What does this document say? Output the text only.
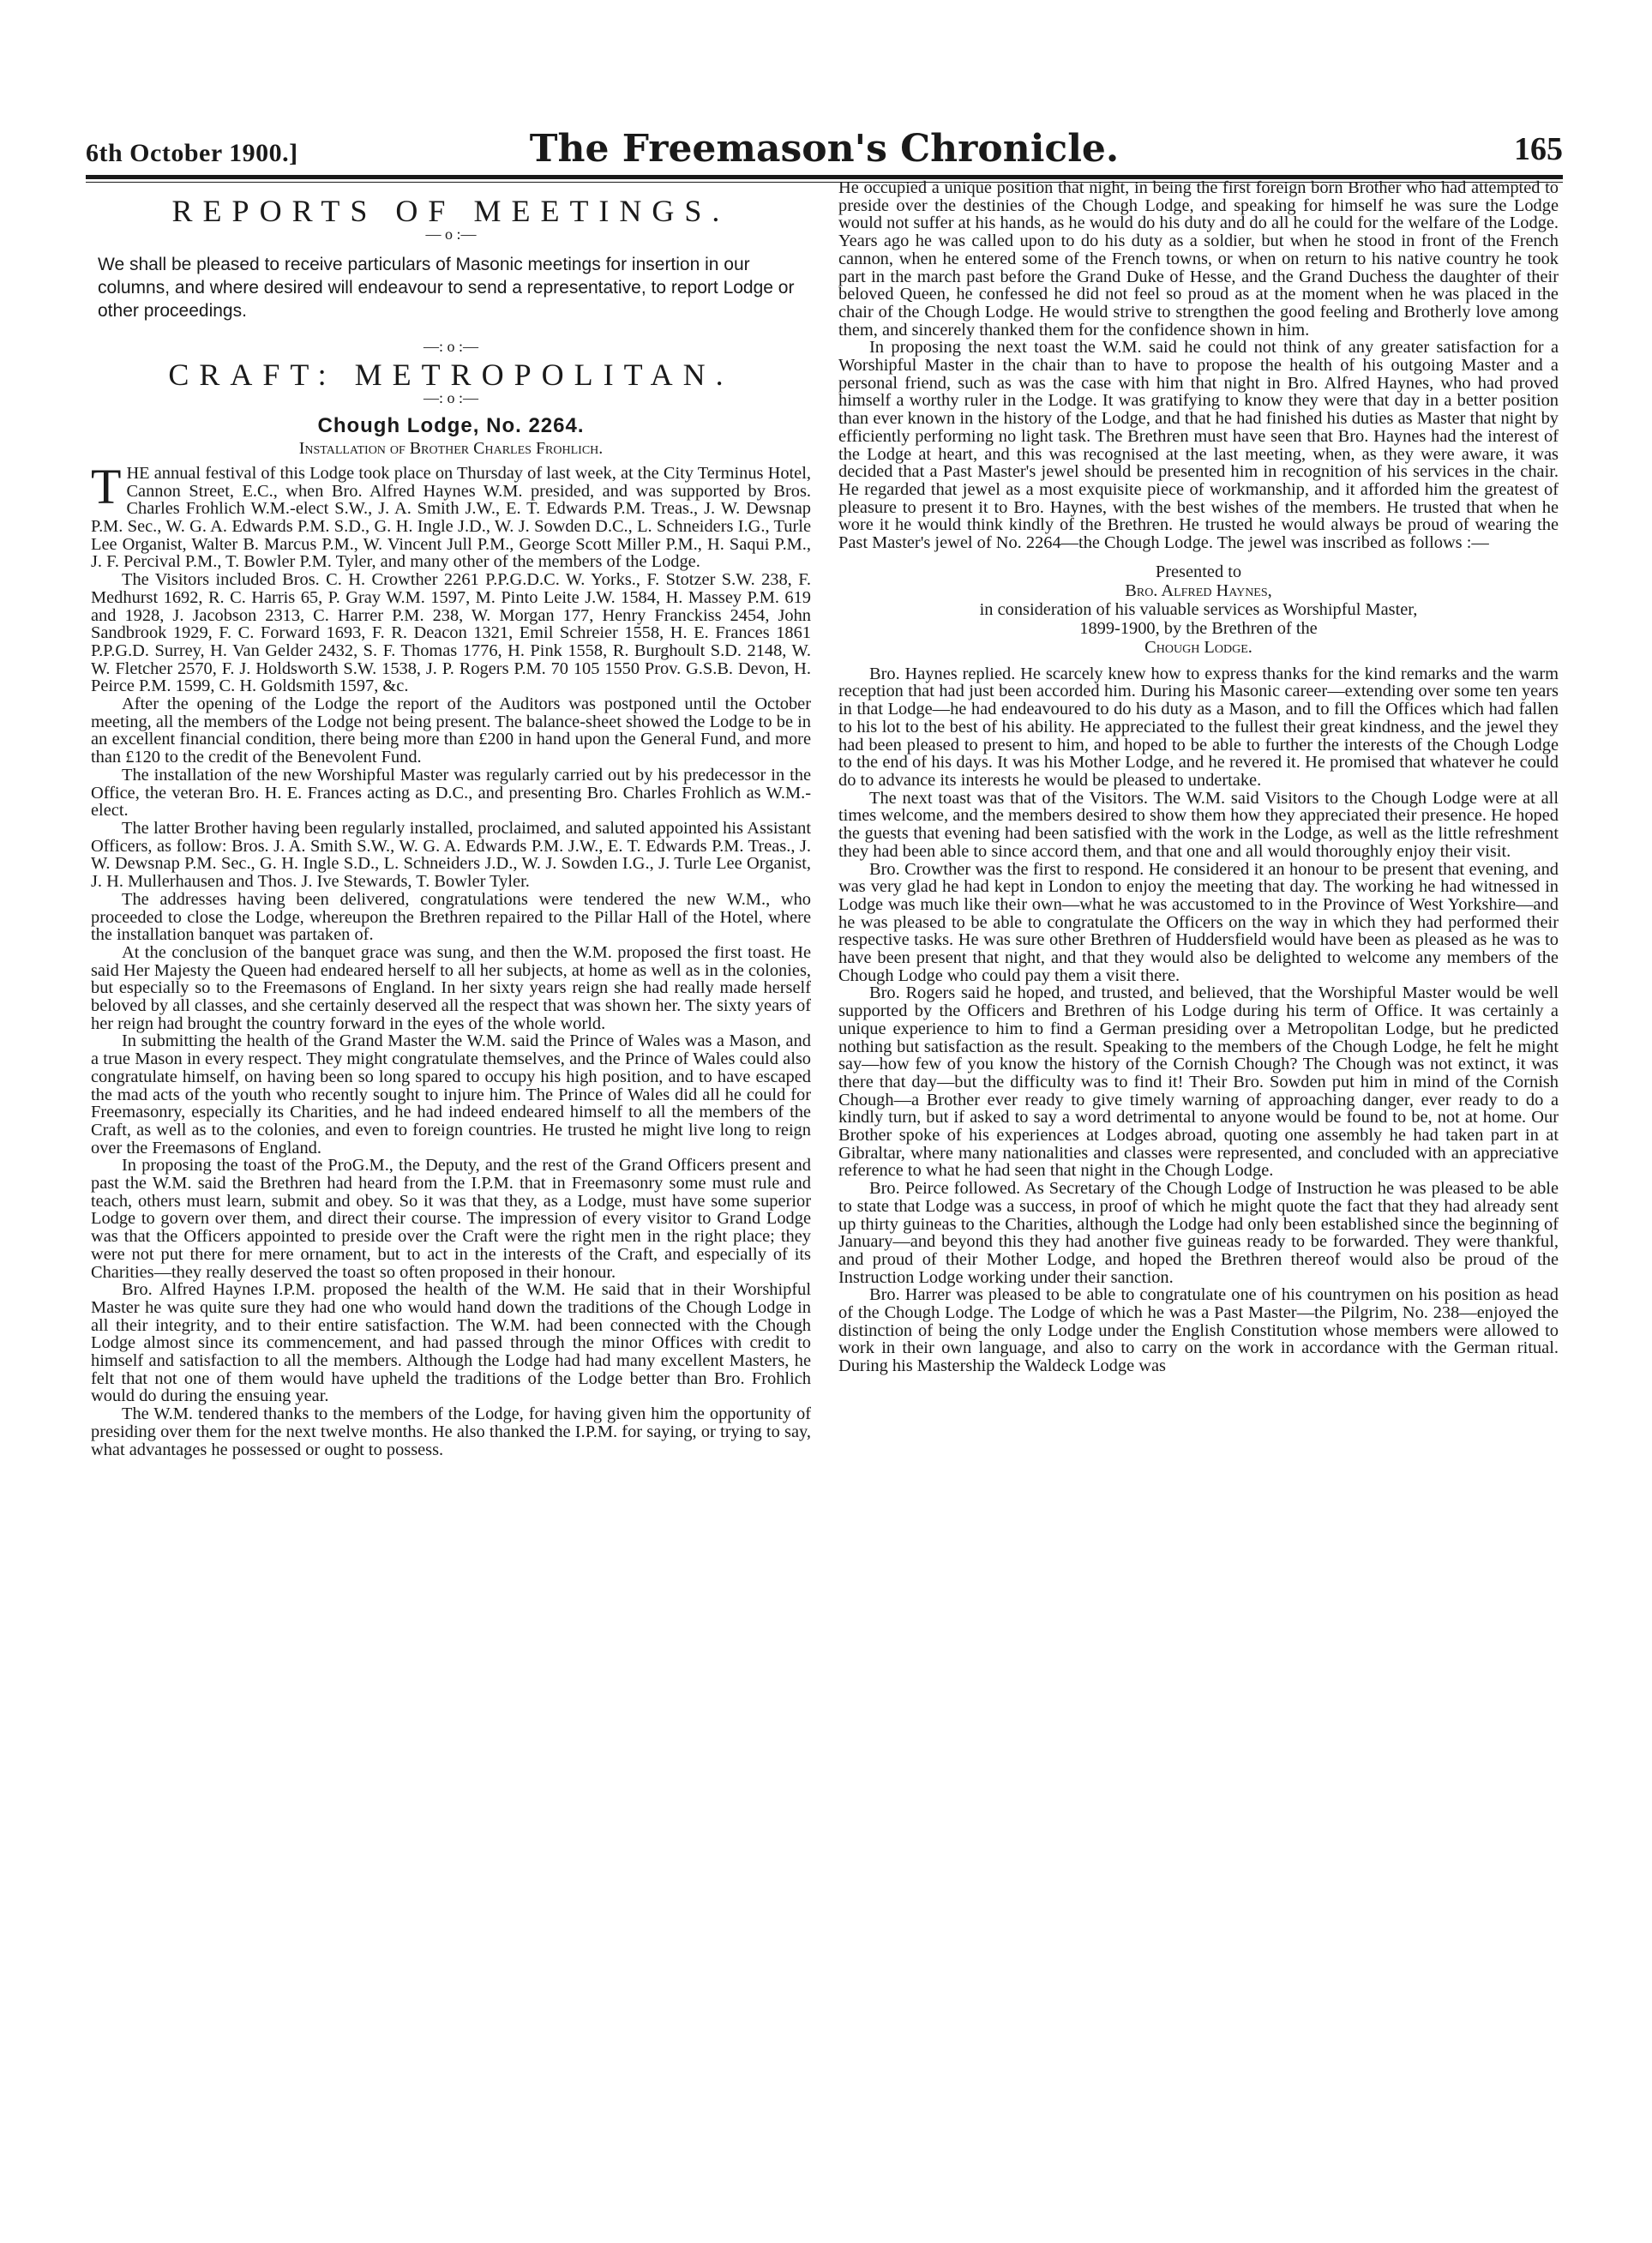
6th October 1900.]	The Freemason's Chronicle.	165
REPORTS OF MEETINGS.
— o :—
We shall be pleased to receive particulars of Masonic meetings for insertion in our columns, and where desired will endeavour to send a representative, to report Lodge or other proceedings.
—: o :—
CRAFT: METROPOLITAN.
—: o :—
Chough Lodge, No. 2264.
Installation of Brother Charles Frohlich.

THE annual festival of this Lodge took place on Thursday of last week, at the City Terminus Hotel, Cannon Street, E.C., when Bro. Alfred Haynes W.M. presided, and was supported by Bros. Charles Frohlich W.M.-elect S.W., J. A. Smith J.W., E. T. Edwards P.M. Treas., J. W. Dewsnap P.M. Sec., W. G. A. Edwards P.M. S.D., G. H. Ingle J.D., W. J. Sowden D.C., L. Schneiders I.G., Turle Lee Organist, Walter B. Marcus P.M., W. Vincent Jull P.M., George Scott Miller P.M., H. Saqui P.M., J. F. Percival P.M., T. Bowler P.M. Tyler, and many other of the members of the Lodge.

The Visitors included Bros. C. H. Crowther 2261 P.P.G.D.C. W. Yorks., F. Stotzer S.W. 238, F. Medhurst 1692, R. C. Harris 65, P. Gray W.M. 1597, M. Pinto Leite J.W. 1584, H. Massey P.M. 619 and 1928, J. Jacobson 2313, C. Harrer P.M. 238, W. Morgan 177, Henry Franckiss 2454, John Sandbrook 1929, F. C. Forward 1693, F. R. Deacon 1321, Emil Schreier 1558, H. E. Frances 1861 P.P.G.D. Surrey, H. Van Gelder 2432, S. F. Thomas 1776, H. Pink 1558, R. Burghoult S.D. 2148, W. W. Fletcher 2570, F. J. Holdsworth S.W. 1538, J. P. Rogers P.M. 70 105 1550 Prov. G.S.B. Devon, H. Peirce P.M. 1599, C. H. Goldsmith 1597, &c.

After the opening of the Lodge the report of the Auditors was postponed until the October meeting, all the members of the Lodge not being present. The balance-sheet showed the Lodge to be in an excellent financial condition, there being more than £200 in hand upon the General Fund, and more than £120 to the credit of the Benevolent Fund.

The installation of the new Worshipful Master was regularly carried out by his predecessor in the Office, the veteran Bro. H. E. Frances acting as D.C., and presenting Bro. Charles Frohlich as W.M.-elect.

The latter Brother having been regularly installed, proclaimed, and saluted appointed his Assistant Officers, as follow: Bros. J. A. Smith S.W., W. G. A. Edwards P.M. J.W., E. T. Edwards P.M. Treas., J. W. Dewsnap P.M. Sec., G. H. Ingle S.D., L. Schneiders J.D., W. J. Sowden I.G., J. Turle Lee Organist, J. H. Mullerhausen and Thos. J. Ive Stewards, T. Bowler Tyler.

The addresses having been delivered, congratulations were tendered the new W.M., who proceeded to close the Lodge, whereupon the Brethren repaired to the Pillar Hall of the Hotel, where the installation banquet was partaken of.

At the conclusion of the banquet grace was sung, and then the W.M. proposed the first toast. He said Her Majesty the Queen had endeared herself to all her subjects, at home as well as in the colonies, but especially so to the Freemasons of England. In her sixty years reign she had really made herself beloved by all classes, and she certainly deserved all the respect that was shown her. The sixty years of her reign had brought the country forward in the eyes of the whole world.

In submitting the health of the Grand Master the W.M. said the Prince of Wales was a Mason, and a true Mason in every respect. They might congratulate themselves, and the Prince of Wales could also congratulate himself, on having been so long spared to occupy his high position, and to have escaped the mad acts of the youth who recently sought to injure him. The Prince of Wales did all he could for Freemasonry, especially its Charities, and he had indeed endeared himself to all the members of the Craft, as well as to the colonies, and even to foreign countries. He trusted he might live long to reign over the Freemasons of England.

In proposing the toast of the ProG.M., the Deputy, and the rest of the Grand Officers present and past the W.M. said the Brethren had heard from the I.P.M. that in Freemasonry some must rule and teach, others must learn, submit and obey. So it was that they, as a Lodge, must have some superior Lodge to govern over them, and direct their course. The impression of every visitor to Grand Lodge was that the Officers appointed to preside over the Craft were the right men in the right place; they were not put there for mere ornament, but to act in the interests of the Craft, and especially of its Charities—they really deserved the toast so often proposed in their honour.

Bro. Alfred Haynes I.P.M. proposed the health of the W.M. He said that in their Worshipful Master he was quite sure they had one who would hand down the traditions of the Chough Lodge in all their integrity, and to their entire satisfaction. The W.M. had been connected with the Chough Lodge almost since its commencement, and had passed through the minor Offices with credit to himself and satisfaction to all the members. Although the Lodge had had many excellent Masters, he felt that not one of them would have upheld the traditions of the Lodge better than Bro. Frohlich would do during the ensuing year.

The W.M. tendered thanks to the members of the Lodge, for having given him the opportunity of presiding over them for the next twelve months. He also thanked the I.P.M. for saying, or trying to say, what advantages he possessed or ought to possess.

He occupied a unique position that night, in being the first foreign born Brother who had attempted to preside over the destinies of the Chough Lodge, and speaking for himself he was sure the Lodge would not suffer at his hands, as he would do his duty and do all he could for the welfare of the Lodge. Years ago he was called upon to do his duty as a soldier, but when he stood in front of the French cannon, when he entered some of the French towns, or when on return to his native country he took part in the march past before the Grand Duke of Hesse, and the Grand Duchess the daughter of their beloved Queen, he confessed he did not feel so proud as at the moment when he was placed in the chair of the Chough Lodge. He would strive to strengthen the good feeling and Brotherly love among them, and sincerely thanked them for the confidence shown in him.

In proposing the next toast the W.M. said he could not think of any greater satisfaction for a Worshipful Master in the chair than to have to propose the health of his outgoing Master and a personal friend, such as was the case with him that night in Bro. Alfred Haynes, who had proved himself a worthy ruler in the Lodge. It was gratifying to know they were that day in a better position than ever known in the history of the Lodge, and that he had finished his duties as Master that night by efficiently performing no light task. The Brethren must have seen that Bro. Haynes had the interest of the Lodge at heart, and this was recognised at the last meeting, when, as they were aware, it was decided that a Past Master's jewel should be presented him in recognition of his services in the chair. He regarded that jewel as a most exquisite piece of workmanship, and it afforded him the greatest of pleasure to present it to Bro. Haynes, with the best wishes of the members. He trusted that when he wore it he would think kindly of the Brethren. He trusted he would always be proud of wearing the Past Master's jewel of No. 2264—the Chough Lodge. The jewel was inscribed as follows :—

Presented to
Bro. Alfred Haynes,
in consideration of his valuable services as Worshipful Master,
1899-1900, by the Brethren of the
Chough Lodge.

Bro. Haynes replied. He scarcely knew how to express thanks for the kind remarks and the warm reception that had just been accorded him. During his Masonic career—extending over some ten years in that Lodge—he had endeavoured to do his duty as a Mason, and to fill the Offices which had fallen to his lot to the best of his ability. He appreciated to the fullest their great kindness, and the jewel they had been pleased to present to him, and hoped to be able to further the interests of the Chough Lodge to the end of his days. It was his Mother Lodge, and he revered it. He promised that whatever he could do to advance its interests he would be pleased to undertake.

The next toast was that of the Visitors. The W.M. said Visitors to the Chough Lodge were at all times welcome, and the members desired to show them how they appreciated their presence. He hoped the guests that evening had been satisfied with the work in the Lodge, as well as the little refreshment they had been able to since accord them, and that one and all would thoroughly enjoy their visit.

Bro. Crowther was the first to respond. He considered it an honour to be present that evening, and was very glad he had kept in London to enjoy the meeting that day. The working he had witnessed in Lodge was much like their own—what he was accustomed to in the Province of West Yorkshire—and he was pleased to be able to congratulate the Officers on the way in which they had performed their respective tasks. He was sure other Brethren of Huddersfield would have been as pleased as he was to have been present that night, and that they would also be delighted to welcome any members of the Chough Lodge who could pay them a visit there.

Bro. Rogers said he hoped, and trusted, and believed, that the Worshipful Master would be well supported by the Officers and Brethren of his Lodge during his term of Office. It was certainly a unique experience to him to find a German presiding over a Metropolitan Lodge, but he predicted nothing but satisfaction as the result. Speaking to the members of the Chough Lodge, he felt he might say—how few of you know the history of the Cornish Chough? The Chough was not extinct, it was there that day—but the difficulty was to find it! Their Bro. Sowden put him in mind of the Cornish Chough—a Brother ever ready to give timely warning of approaching danger, ever ready to do a kindly turn, but if asked to say a word detrimental to anyone would be found to be, not at home. Our Brother spoke of his experiences at Lodges abroad, quoting one assembly he had taken part in at Gibraltar, where many nationalities and classes were represented, and concluded with an appreciative reference to what he had seen that night in the Chough Lodge.

Bro. Peirce followed. As Secretary of the Chough Lodge of Instruction he was pleased to be able to state that Lodge was a success, in proof of which he might quote the fact that they had already sent up thirty guineas to the Charities, although the Lodge had only been established since the beginning of January—and beyond this they had another five guineas ready to be forwarded. They were thankful, and proud of their Mother Lodge, and hoped the Brethren thereof would also be proud of the Instruction Lodge working under their sanction.

Bro. Harrer was pleased to be able to congratulate one of his countrymen on his position as head of the Chough Lodge. The Lodge of which he was a Past Master—the Pilgrim, No. 238—enjoyed the distinction of being the only Lodge under the English Constitution whose members were allowed to work in their own language, and also to carry on the work in accordance with the German ritual. During his Mastership the Waldeck Lodge was
